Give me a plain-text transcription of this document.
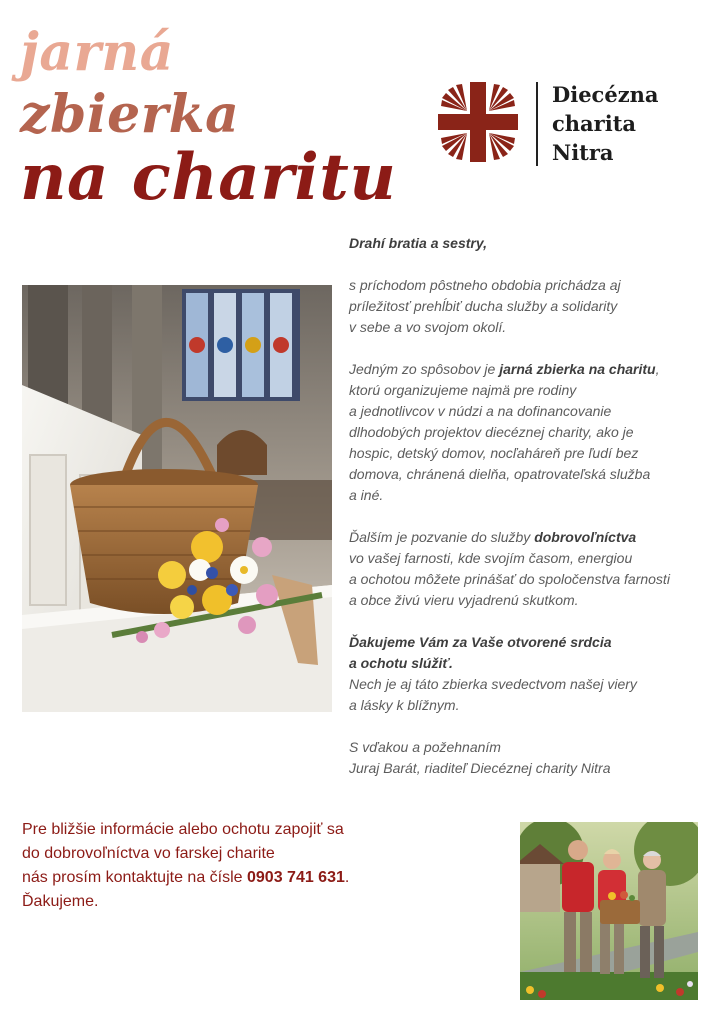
jarná
zbierka
na charitu
Diecézna
charita
Nitra

Drahí bratia a sestry,

s príchodom pôstneho obdobia prichádza aj
príležitosť prehĺbiť ducha služby a solidarity
v sebe a vo svojom okolí.

Jedným zo spôsobov je jarná zbierka na charitu,
ktorú organizujeme najmä pre rodiny
a jednotlivcov v núdzi a na dofinancovanie
dlhodobých projektov diecéznej charity, ako je
hospic, detský domov, nocľaháreň pre ľudí bez
domova, chránená dielňa, opatrovateľská služba
a iné.

Ďalším je pozvanie do služby dobrovoľníctva
vo vašej farnosti, kde svojím časom, energiou
a ochotou môžete prinášať do spoločenstva farnosti
a obce živú vieru vyjadrenú skutkom.

Ďakujeme Vám za Vaše otvorené srdcia
a ochotu slúžiť.
Nech je aj táto zbierka svedectvom našej viery
a lásky k blížnym.

S vďakou a požehnaním
Juraj Barát, riaditeľ Diecéznej charity Nitra

Pre bližšie informácie alebo ochotu zapojiť sa
do dobrovoľníctva vo farskej charite
nás prosím kontaktujte na čísle 0903 741 631.
Ďakujeme.
